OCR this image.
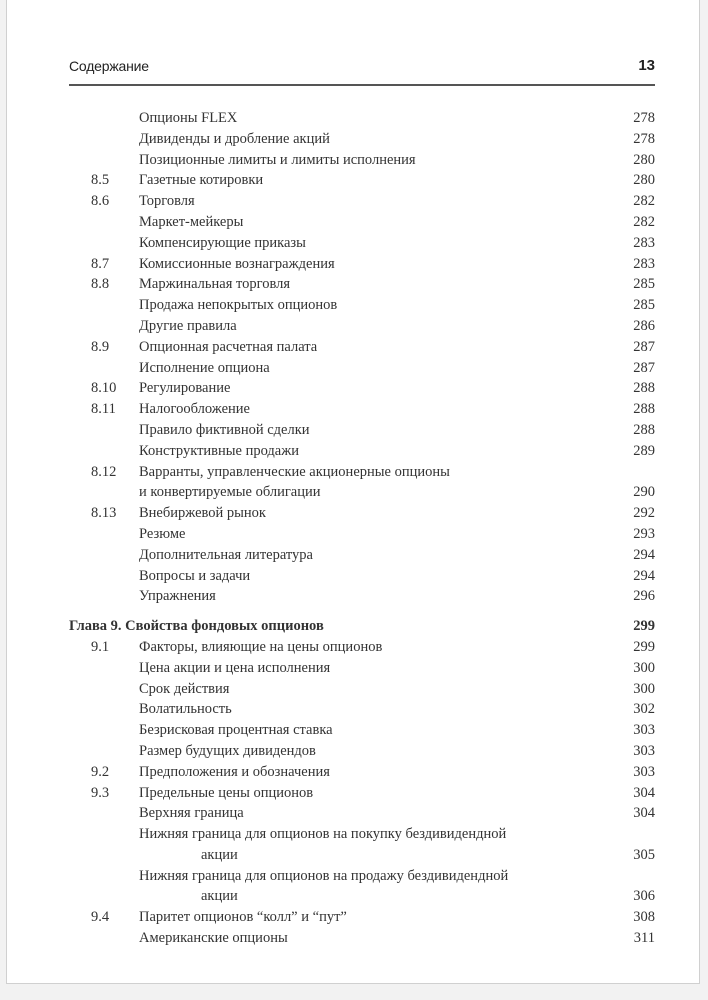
Содержание	13
Опционы FLEX	278
Дивиденды и дробление акций	278
Позиционные лимиты и лимиты исполнения	280
8.5	Газетные котировки	280
8.6	Торговля	282
Маркет-мейкеры	282
Компенсирующие приказы	283
8.7	Комиссионные вознаграждения	283
8.8	Маржинальная торговля	285
Продажа непокрытых опционов	285
Другие правила	286
8.9	Опционная расчетная палата	287
Исполнение опциона	287
8.10	Регулирование	288
8.11	Налогообложение	288
Правило фиктивной сделки	288
Конструктивные продажи	289
8.12	Варранты, управленческие акционерные опционы
и конвертируемые облигации	290
8.13	Внебиржевой рынок	292
Резюме	293
Дополнительная литература	294
Вопросы и задачи	294
Упражнения	296
Глава 9. Свойства фондовых опционов	299
9.1	Факторы, влияющие на цены опционов	299
Цена акции и цена исполнения	300
Срок действия	300
Волатильность	302
Безрисковая процентная ставка	303
Размер будущих дивидендов	303
9.2	Предположения и обозначения	303
9.3	Предельные цены опционов	304
Верхняя граница	304
Нижняя граница для опционов на покупку бездивидендной
акции	305
Нижняя граница для опционов на продажу бездивидендной
акции	306
9.4	Паритет опционов “колл” и “пут”	308
Американские опционы	311
